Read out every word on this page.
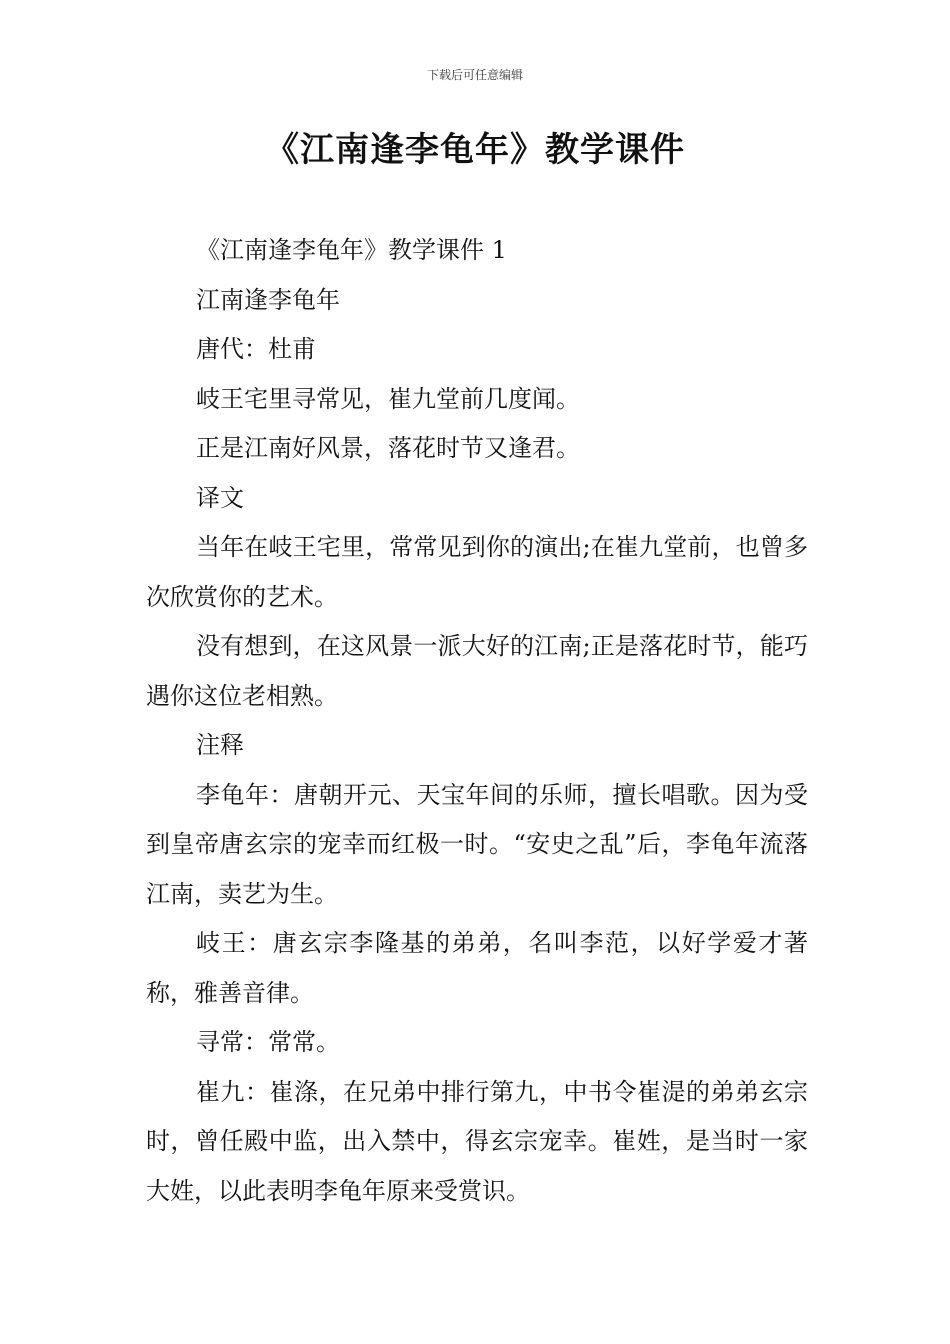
下载后可任意编辑
《江南逢李龟年》教学课件

《江南逢李龟年》教学课件 1

江南逢李龟年

唐代：杜甫

岐王宅里寻常见，崔九堂前几度闻。

正是江南好风景，落花时节又逢君。

译文

当年在岐王宅里，常常见到你的演出;在崔九堂前，也曾多次欣赏你的艺术。

没有想到，在这风景一派大好的江南;正是落花时节，能巧遇你这位老相熟。

注释

李龟年：唐朝开元、天宝年间的乐师，擅长唱歌。因为受到皇帝唐玄宗的宠幸而红极一时。“安史之乱”后，李龟年流落江南，卖艺为生。

岐王：唐玄宗李隆基的弟弟，名叫李范，以好学爱才著称，雅善音律。

寻常：常常。

崔九：崔涤，在兄弟中排行第九，中书令崔湜的弟弟玄宗时，曾任殿中监，出入禁中，得玄宗宠幸。崔姓，是当时一家大姓，以此表明李龟年原来受赏识。
